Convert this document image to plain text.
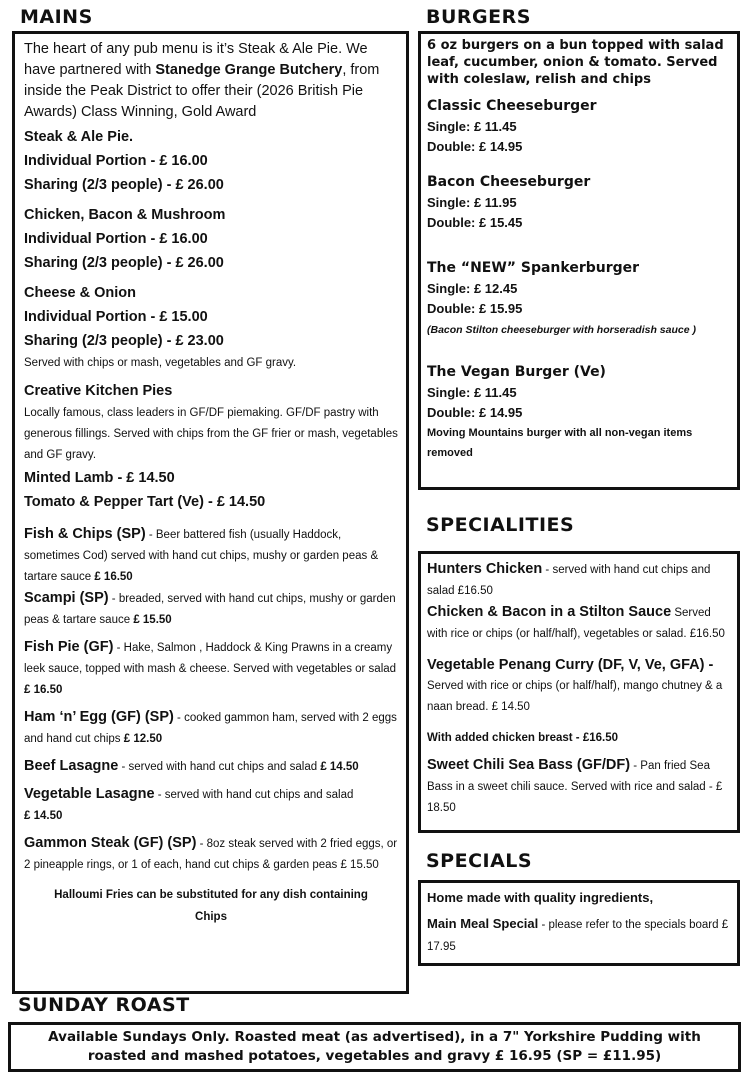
MAINS

The heart of any pub menu is it’s Steak & Ale Pie. We have partnered with Stanedge Grange Butchery, from inside the Peak District to offer their (2026 British Pie Awards) Class Winning, Gold Award

Steak & Ale Pie.

Individual Portion - £ 16.00

Sharing (2/3 people) - £ 26.00

Chicken, Bacon & Mushroom

Individual Portion - £ 16.00

Sharing (2/3 people) - £ 26.00

Cheese & Onion

Individual Portion - £ 15.00

Sharing (2/3 people) - £ 23.00

Served with chips or mash, vegetables and GF gravy.

Creative Kitchen Pies

Locally famous, class leaders in GF/DF piemaking. GF/DF pastry with generous fillings. Served with chips from the GF frier or mash, vegetables and GF gravy.

Minted Lamb - £ 14.50

Tomato & Pepper Tart (Ve) - £ 14.50

Fish & Chips (SP) - Beer battered fish (usually Haddock, sometimes Cod) served with hand cut chips, mushy or garden peas & tartare sauce £ 16.50

Scampi (SP) - breaded, served with hand cut chips, mushy or garden peas & tartare sauce £ 15.50

Fish Pie (GF) - Hake, Salmon , Haddock & King Prawns in a creamy leek sauce, topped with mash & cheese. Served with vegetables or salad £ 16.50

Ham ‘n’ Egg (GF) (SP) - cooked gammon ham, served with 2 eggs and hand cut chips £ 12.50

Beef Lasagne - served with hand cut chips and salad £ 14.50

Vegetable Lasagne - served with hand cut chips and salad
£ 14.50

Gammon Steak (GF) (SP) - 8oz steak served with 2 fried eggs, or 2 pineapple rings, or 1 of each, hand cut chips & garden peas £ 15.50

Halloumi Fries can be substituted for any dish containing Chips

BURGERS

6 oz burgers on a bun topped with salad leaf, cucumber, onion & tomato. Served with coleslaw, relish and chips

Classic Cheeseburger

Single: £ 11.45

Double: £ 14.95

Bacon Cheeseburger

Single: £ 11.95

Double: £ 15.45

The “NEW” Spankerburger

Single: £ 12.45

Double: £ 15.95

(Bacon Stilton cheeseburger with horseradish sauce )

The Vegan Burger (Ve)

Single: £ 11.45

Double: £ 14.95

Moving Mountains burger with all non-vegan items removed

SPECIALITIES

Hunters Chicken - served with hand cut chips and salad £16.50

Chicken & Bacon in a Stilton Sauce Served with rice or chips (or half/half), vegetables or salad. £16.50

Vegetable Penang Curry (DF, V, Ve, GFA) -

Served with rice or chips (or half/half), mango chutney & a naan bread. £ 14.50

With added chicken breast - £16.50

Sweet Chili Sea Bass (GF/DF) - Pan fried Sea Bass in a sweet chili sauce. Served with rice and salad - £ 18.50

SPECIALS

Home made with quality ingredients,

Main Meal Special - please refer to the specials board £ 17.95

SUNDAY ROAST

Available Sundays Only. Roasted meat (as advertised), in a 7" Yorkshire Pudding with roasted and mashed potatoes, vegetables and gravy £ 16.95 (SP = £11.95)
